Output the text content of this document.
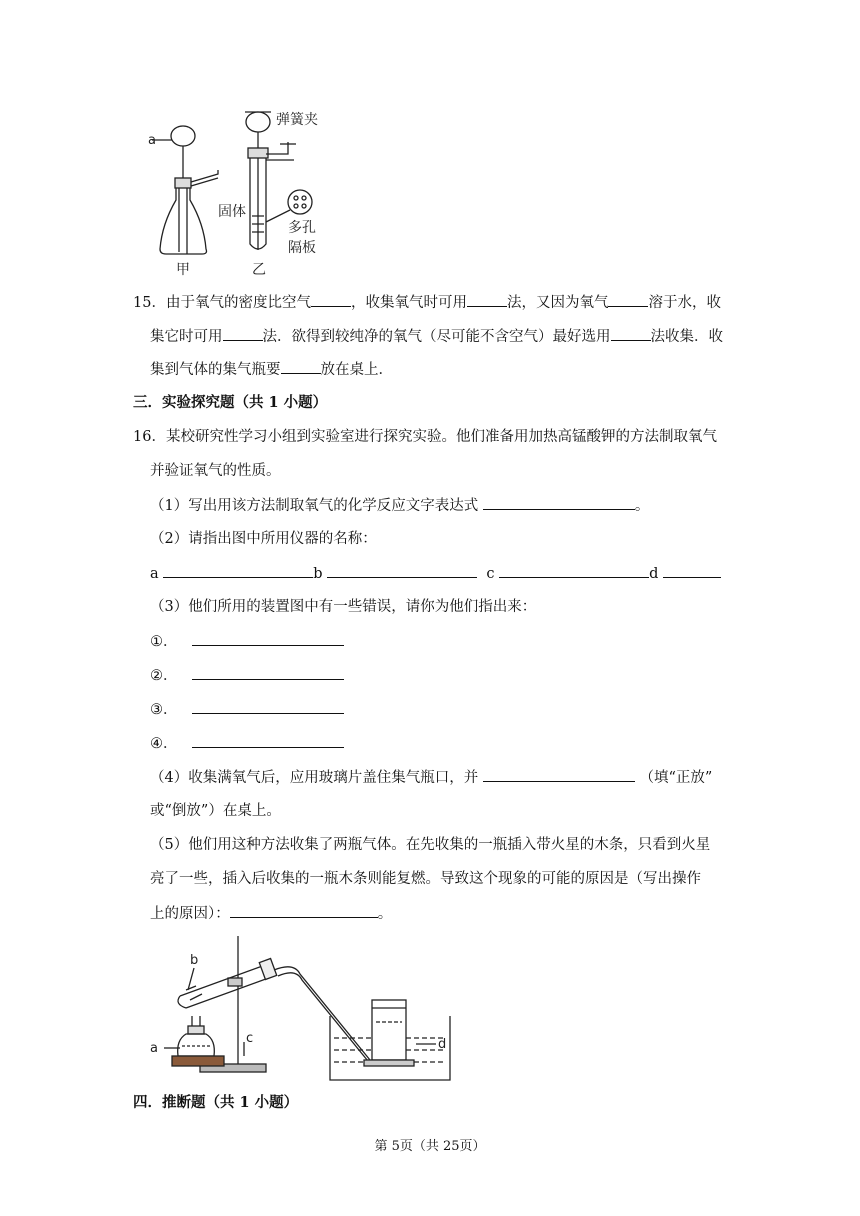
a
甲
弹簧夹
固体
多孔
隔板
乙
15．由于氧气的密度比空气	，收集氧气时可用	法，又因为氧气	溶于水，收
集它时可用	法．欲得到较纯净的氧气（尽可能不含空气）最好选用	法收集．收
集到气体的集气瓶要	放在桌上．
三．实验探究题（共 1 小题）
16．某校研究性学习小组到实验室进行探究实验。他们准备用加热高锰酸钾的方法制取氧气
并验证氧气的性质。
（1）写出用该方法制取氧气的化学反应文字表达式	。
（2）请指出图中所用仪器的名称：
a	b	c	d
（3）他们所用的装置图中有一些错误，请你为他们指出来：
①．
②．
③．
④．
（4）收集满氧气后，应用玻璃片盖住集气瓶口，并	（填“正放”
或“倒放”）在桌上。
（5）他们用这种方法收集了两瓶气体。在先收集的一瓶插入带火星的木条，只看到火星
亮了一些，插入后收集的一瓶木条则能复燃。导致这个现象的可能的原因是（写出操作
上的原因）：	。
a
b
c	d
四．推断题（共 1 小题）
第 5页（共 25页）
